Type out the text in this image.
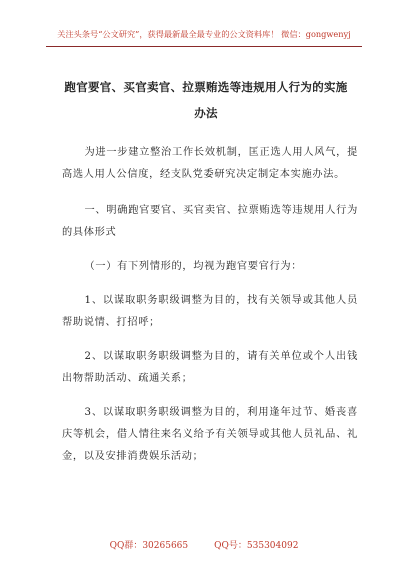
关注头条号“公文研究”，获得最新最全最专业的公文资料库！ 微信：gongwenyj
跑官要官、买官卖官、拉票贿选等违规用人行为的实施办法

为进一步建立整治工作长效机制，匡正选人用人风气，提高选人用人公信度，经支队党委研究决定制定本实施办法。

一、明确跑官要官、买官卖官、拉票贿选等违规用人行为的具体形式

（一）有下列情形的，均视为跑官要官行为：

1、以谋取职务职级调整为目的，找有关领导或其他人员帮助说情、打招呼；

2、以谋取职务职级调整为目的，请有关单位或个人出钱出物帮助活动、疏通关系；

3、以谋取职务职级调整为目的，利用逢年过节、婚丧喜庆等机会，借人情往来名义给予有关领导或其他人员礼品、礼金，以及安排消费娱乐活动；

QQ群：30265665	QQ号：535304092
